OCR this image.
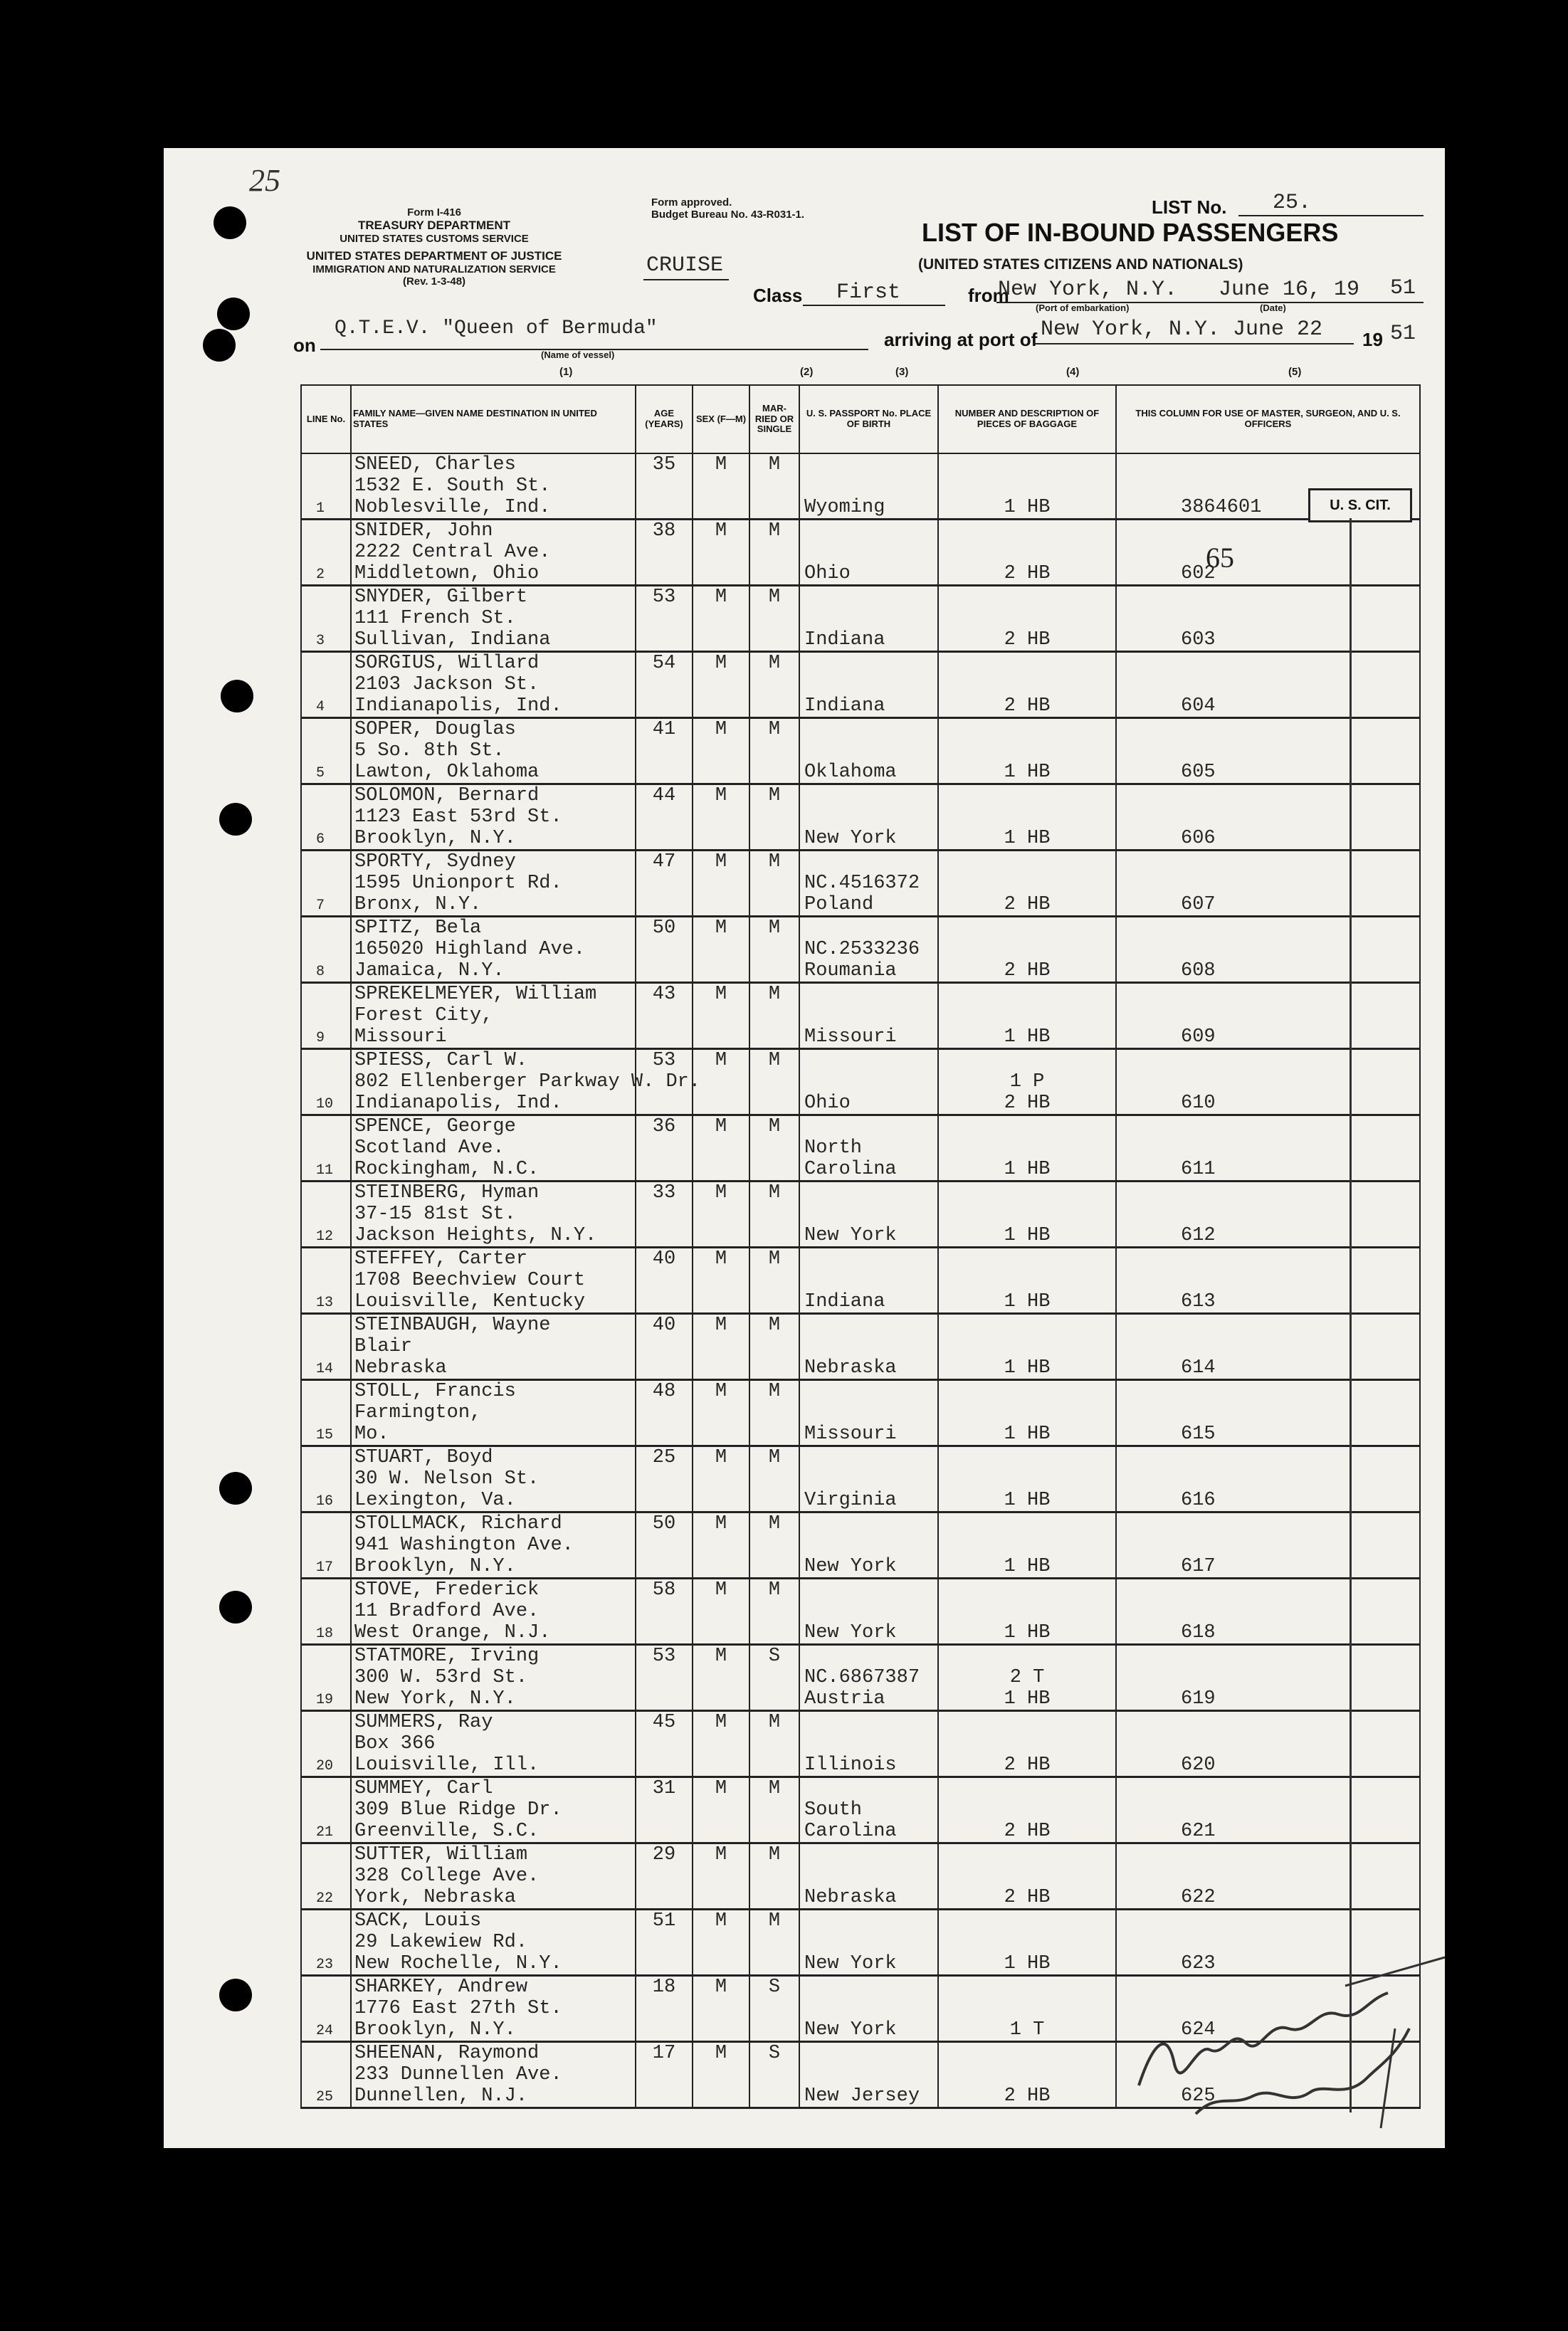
25
Form I-416
TREASURY DEPARTMENT
UNITED STATES CUSTOMS SERVICE
UNITED STATES DEPARTMENT OF JUSTICE
IMMIGRATION AND NATURALIZATION SERVICE
(Rev. 1-3-48)
Form approved.
Budget Bureau No. 43-R031-1.
CRUISE
LIST No. 25.
LIST OF IN-BOUND PASSENGERS
(UNITED STATES CITIZENS AND NATIONALS)
Class First	from
New York, N.Y.
(Port of embarkation)
June 16, 19 51
(Date)
on
Q.T.E.V. "Queen of Bermuda"
(Name of vessel)
arriving at port of New York, N.Y. June 22 19 51
(1)	(2)	(3)	(4)	(5)
LINE No.	FAMILY NAME—GIVEN NAME DESTINATION IN UNITED STATES	AGE (YEARS)	SEX (F—M)	MAR-RIED OR SINGLE	U. S. PASSPORT No. PLACE OF BIRTH	NUMBER AND DESCRIPTION OF PIECES OF BAGGAGE	THIS COLUMN FOR USE OF MASTER, SURGEON, AND U. S. OFFICERS

1	SNEED, Charles
1532 E. South St.
Noblesville, Ind.	35	M	M	Wyoming	1 HB	3864601

2	SNIDER, John
2222 Central Ave.
Middletown, Ohio	38	M	M	Ohio	2 HB	602

3	SNYDER, Gilbert
111 French St.
Sullivan, Indiana	53	M	M	Indiana	2 HB	603

4	SORGIUS, Willard
2103 Jackson St.
Indianapolis, Ind.	54	M	M	Indiana	2 HB	604

5	SOPER, Douglas
5 So. 8th St.
Lawton, Oklahoma	41	M	M	Oklahoma	1 HB	605

6	SOLOMON, Bernard
1123 East 53rd St.
Brooklyn, N.Y.	44	M	M	New York	1 HB	606

7	SPORTY, Sydney
1595 Unionport Rd.
Bronx, N.Y.	47	M	M	NC.4516372
Poland	2 HB	607

8	SPITZ, Bela
165020 Highland Ave.
Jamaica, N.Y.	50	M	M	NC.2533236
Roumania	2 HB	608

9	SPREKELMEYER, William
Forest City,
Missouri	43	M	M	Missouri	1 HB	609

10	SPIESS, Carl W.
802 Ellenberger Parkway W. Dr.
Indianapolis, Ind.	53	M	M	Ohio	1 P
2 HB	610

11	SPENCE, George
Scotland Ave.
Rockingham, N.C.	36	M	M	North
Carolina	1 HB	611

12	STEINBERG, Hyman
37-15 81st St.
Jackson Heights, N.Y.	33	M	M	New York	1 HB	612

13	STEFFEY, Carter
1708 Beechview Court
Louisville, Kentucky	40	M	M	Indiana	1 HB	613

14	STEINBAUGH, Wayne
Blair
Nebraska	40	M	M	Nebraska	1 HB	614

15	STOLL, Francis
Farmington,
Mo.	48	M	M	Missouri	1 HB	615

16	STUART, Boyd
30 W. Nelson St.
Lexington, Va.	25	M	M	Virginia	1 HB	616

17	STOLLMACK, Richard
941 Washington Ave.
Brooklyn, N.Y.	50	M	M	New York	1 HB	617

18	STOVE, Frederick
11 Bradford Ave.
West Orange, N.J.	58	M	M	New York	1 HB	618

19	STATMORE, Irving
300 W. 53rd St.
New York, N.Y.	53	M	S	NC.6867387
Austria	2 T
1 HB	619

20	SUMMERS, Ray
Box 366
Louisville, Ill.	45	M	M	Illinois	2 HB	620

21	SUMMEY, Carl
309 Blue Ridge Dr.
Greenville, S.C.	31	M	M	South
Carolina	2 HB	621

22	SUTTER, William
328 College Ave.
York, Nebraska	29	M	M	Nebraska	2 HB	622

23	SACK, Louis
29 Lakewiew Rd.
New Rochelle, N.Y.	51	M	M	New York	1 HB	623

24	SHARKEY, Andrew
1776 East 27th St.
Brooklyn, N.Y.	18	M	S	New York	1 T	624

25	SHEENAN, Raymond
233 Dunnellen Ave.
Dunnellen, N.J.	17	M	S	New Jersey	2 HB	625
U. S. CIT.
65
